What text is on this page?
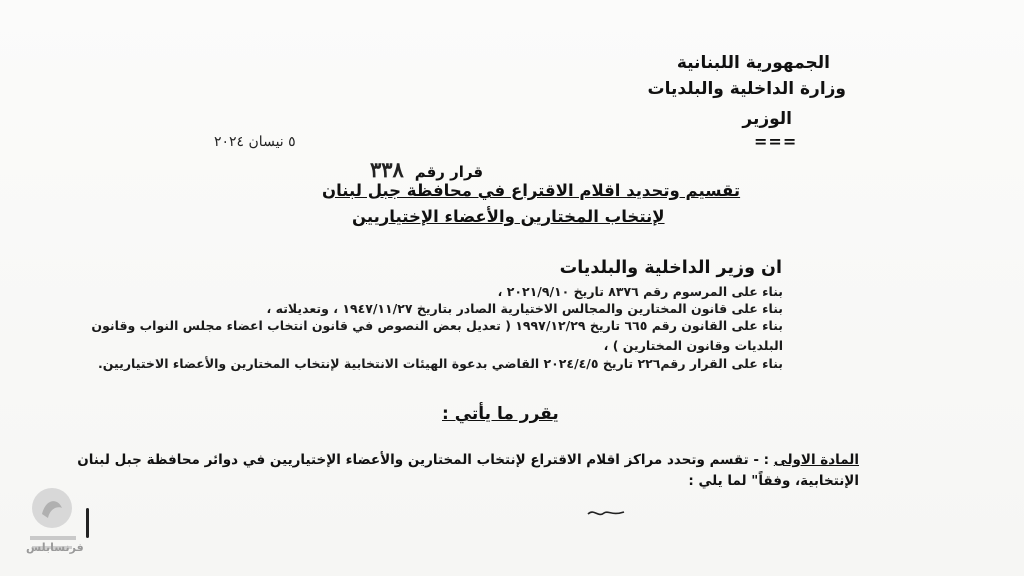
الجمهورية اللبنانية
وزارة الداخلية والبلديات
الوزير
===
٥ نيسان ٢٠٢٤
قرار رقم ٣٣٨
تقسيم وتحديد اقلام الاقتراع في محافظة جبل لبنان
لإنتخاب المختارين والأعضاء الإختياريين
ان وزير الداخلية والبلديات
بناء على المرسوم رقم ٨٣٧٦ تاريخ ٢٠٢١/٩/١٠ ،
بناء على قانون المختارين والمجالس الاختيارية الصادر بتاريخ ١٩٤٧/١١/٢٧ ، وتعديلاته ،
بناء على القانون رقم ٦٦٥ تاريخ ١٩٩٧/١٢/٢٩ ( تعديل بعض النصوص في قانون انتخاب اعضاء مجلس النواب وقانون
البلديات وقانون المختارين ) ،
بناء على القرار رقم٢٢٦ تاريخ ٢٠٢٤/٤/٥ القاضي بدعوة الهيئات الانتخابية لإنتخاب المختارين والأعضاء الاختياريين.
يقرر ما يأتي :
المادة الاولى : - تقسم وتحدد مراكز اقلام الاقتراع لإنتخاب المختارين والأعضاء الإختياريين في دوائر محافظة جبل لبنان
الإنتخابية، وفقاً" لما يلي :
فرنسابلس
